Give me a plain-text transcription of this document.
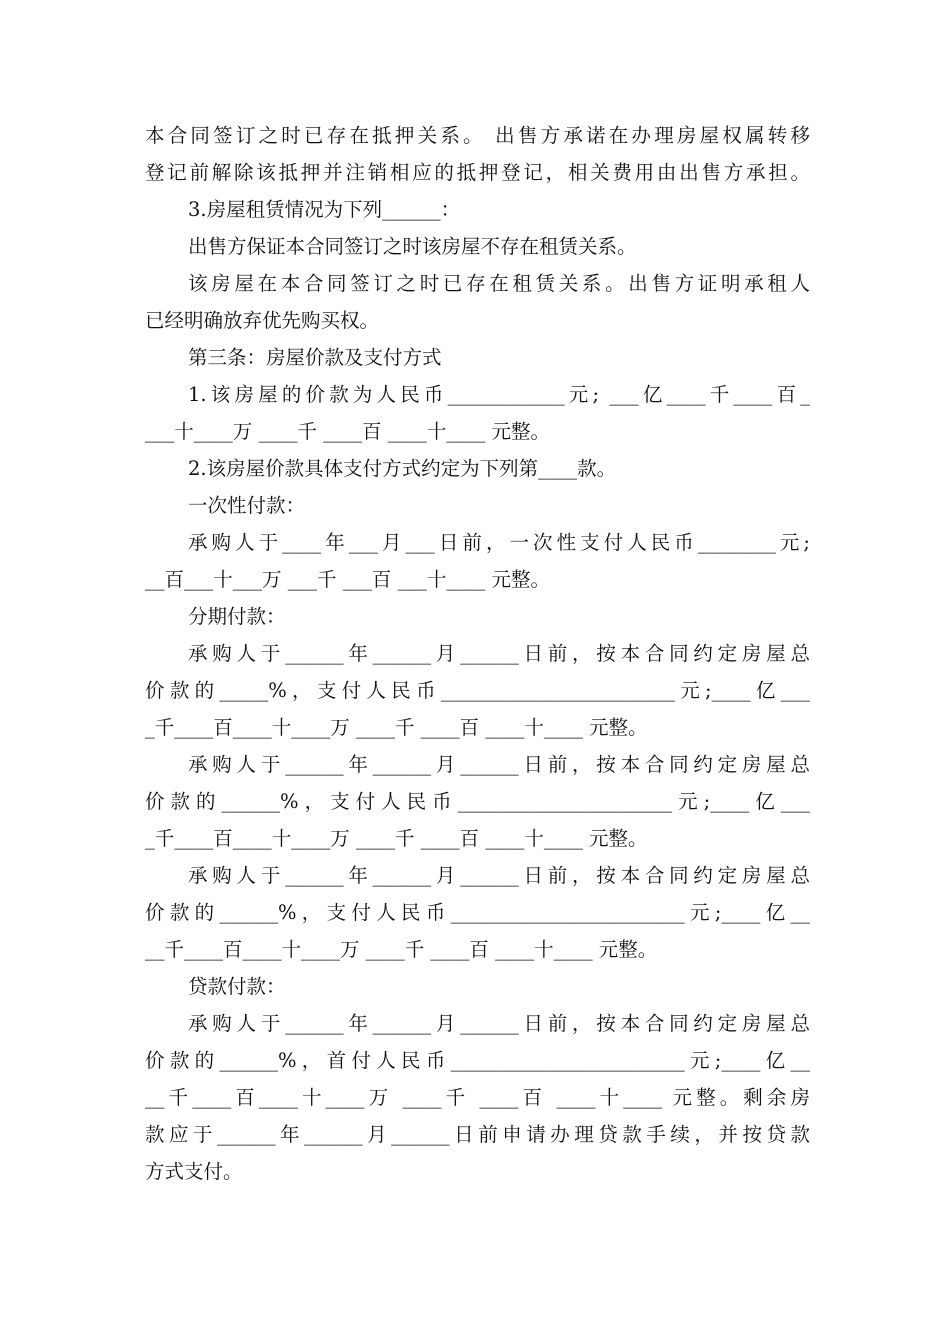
本合同签订之时已存在抵押关系。 出售方承诺在办理房屋权属转移

登记前解除该抵押并注销相应的抵押登记，相关费用由出售方承担。

3.房屋租赁情况为下列______：

出售方保证本合同签订之时该房屋不存在租赁关系。

该房屋在本合同签订之时已存在租赁关系。出售方证明承租人

已经明确放弃优先购买权。

第三条：房屋价款及支付方式

1.该房屋的价款为人民币____________元; ___亿____千____百_

___十____万 ____千 ____百 ____十____ 元整。

2.该房屋价款具体支付方式约定为下列第____款。

一次性付款：

承购人于____年___月___日前，一次性支付人民币________元;

__百___十___万 ___千 ___百 ___十____ 元整。

分期付款：

承购人于______年______月______日前，按本合同约定房屋总

价款的_____%，支付人民币________________________元;____亿___

_千____百____十____万 ____千 ____百 ____十____ 元整。

承购人于______年______月______日前，按本合同约定房屋总

价款的______%，支付人民币______________________元;____亿___

_千____百____十____万 ____千 ____百 ____十____ 元整。

承购人于______年______月______日前，按本合同约定房屋总

价款的______%，支付人民币________________________元;____亿__

__千____百____十____万 ____千 ____百 ____十____ 元整。

贷款付款：

承购人于______年______月______日前，按本合同约定房屋总

价款的______%，首付人民币________________________元;____亿__

__千____百____十____万 ____千 ____百 ____十____ 元整。剩余房

款应于______年______月______日前申请办理贷款手续，并按贷款

方式支付。
